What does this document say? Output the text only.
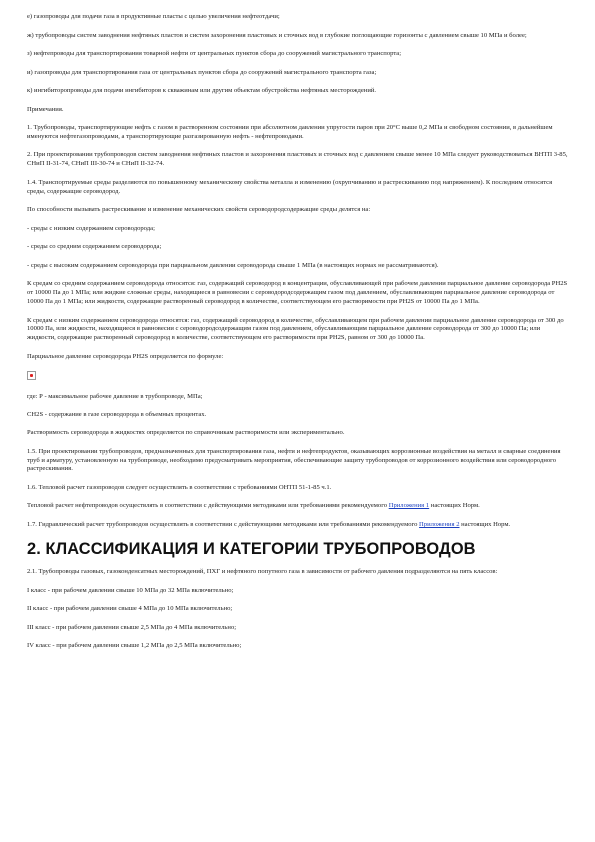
е) газопроводы для подачи газа в продуктивные пласты с целью увеличения нефтеотдачи;

ж) трубопроводы систем заводнения нефтяных пластов и систем захоронения пластовых и сточных вод в глубокие поглощающие горизонты с давлением свыше 10 МПа и более;

з) нефтепроводы для транспортирования товарной нефти от центральных пунктов сбора до сооружений магистрального транспорта;

и) газопроводы для транспортирования газа от центральных пунктов сбора до сооружений магистрального транспорта газа;

к) ингибиторопроводы для подачи ингибиторов к скважинам или другим объектам обустройства нефтяных месторождений.

Примечания.

1. Трубопроводы, транспортирующие нефть с газом в растворенном состоянии при абсолютном давлении упругости паров при 20°С выше 0,2 МПа и свободном состоянии, в дальнейшем именуются нефтегазопроводами, а транспортирующие разгазированную нефть - нефтепроводами.

2. При проектировании трубопроводов систем заводнения нефтяных пластов и захоронения пластовых и сточных вод с давлением свыше менее 10 МПа следует руководствоваться ВНТП 3-85, СНиП II-31-74, СНиП III-30-74 и СНиП II-32-74.

1.4. Транспортируемые среды разделяются по повышенному механическому свойства металла и изменению (охрупчиванию и растрескиванию под напряжением). К последним относятся среды, содержащие сероводород.

По способности вызывать растрескивание и изменение механических свойств сероводородсодержащие среды делятся на:

- среды с низким содержанием сероводорода;

- среды со средним содержанием сероводорода;

- среды с высоким содержанием сероводорода при парциальном давлении сероводорода свыше 1 МПа (в настоящих нормах не рассматриваются).

К средам со средним содержанием сероводорода относятся: газ, содержащий сероводород в концентрации, обуславливающей при рабочем давлении парциальное давление сероводорода PH2S от 10000 Па до 1 МПа; или жидкие сложные среды, находящиеся в равновесии с сероводородсодержащим газом под давлением, обуславливающим парциальное давление сероводорода от 10000 Па до 1 МПа; или жидкости, содержащие растворенный сероводород в количестве, соответствующем его растворимости при PH2S от 10000 Па до 1 МПа.

К средам с низким содержанием сероводорода относятся: газ, содержащий сероводород в количестве, обуславливающем при рабочем давлении парциальное давление сероводорода от 300 до 10000 Па, или жидкости, находящиеся в равновесии с сероводородсодержащим газом под давлением, обуславливающим парциальное давление сероводорода от 300 до 10000 Па; или жидкости, содержащие растворенный сероводород в количестве, соответствующем его растворимости при PH2S, равном от 300 до 10000 Па.

Парциальное давление сероводорода PH2S определяется по формуле:

где: Р - максимальное рабочее давление в трубопроводе, МПа;

CH2S - содержание в газе сероводорода в объемных процентах.

Растворимость сероводорода в жидкостях определяется по справочникам растворимости или экспериментально.

1.5. При проектировании трубопроводов, предназначенных для транспортирования газа, нефти и нефтепродуктов, оказывающих коррозионные воздействия на металл и сварные соединения труб и арматуру, установленную на трубопроводе, необходимо предусматривать мероприятия, обеспечивающие защиту трубопроводов от коррозионного воздействия или сероводородного растрескивания.

1.6. Тепловой расчет газопроводов следует осуществлять в соответствии с требованиями ОНТП 51-1-85 ч.1.

Тепловой расчет нефтепроводов осуществлять в соответствии с действующими методиками или требованиями рекомендуемого Приложения 1 настоящих Норм.

1.7. Гидравлический расчет трубопроводов осуществлять в соответствии с действующими методиками или требованиями рекомендуемого Приложения 2 настоящих Норм.

2. КЛАССИФИКАЦИЯ И КАТЕГОРИИ ТРУБОПРОВОДОВ

2.1. Трубопроводы газовых, газоконденсатных месторождений, ПХГ и нефтяного попутного газа в зависимости от рабочего давления подразделяются на пять классов:

I класс - при рабочем давлении свыше 10 МПа до 32 МПа включительно;

II класс - при рабочем давлении свыше 4 МПа до 10 МПа включительно;

III класс - при рабочем давлении свыше 2,5 МПа до 4 МПа включительно;

IV класс - при рабочем давлении свыше 1,2 МПа до 2,5 МПа включительно;
